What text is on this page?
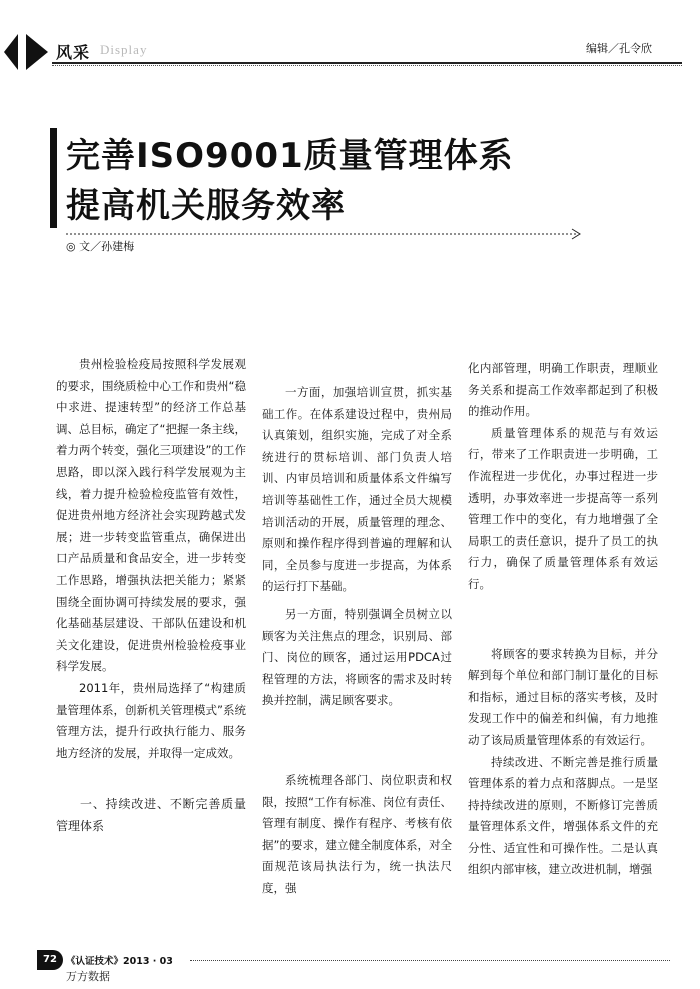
风采 Display	编辑／孔令欣
完善ISO9001质量管理体系
提高机关服务效率
◎ 文／孙建梅

贵州检验检疫局按照科学发展观的要求，围绕质检中心工作和贵州“稳中求进、提速转型”的经济工作总基调、总目标，确定了“把握一条主线，着力两个转变，强化三项建设”的工作思路，即以深入践行科学发展观为主线，着力提升检验检疫监管有效性，促进贵州地方经济社会实现跨越式发展；进一步转变监管重点，确保进出口产品质量和食品安全，进一步转变工作思路，增强执法把关能力；紧紧围绕全面协调可持续发展的要求，强化基础基层建设、干部队伍建设和机关文化建设，促进贵州检验检疫事业科学发展。

2011年，贵州局选择了“构建质量管理体系，创新机关管理模式”系统管理方法，提升行政执行能力、服务地方经济的发展，并取得一定成效。

一、持续改进、不断完善质量管理体系

一方面，加强培训宣贯，抓实基础工作。在体系建设过程中，贵州局认真策划，组织实施，完成了对全系统进行的贯标培训、部门负责人培训、内审员培训和质量体系文件编写培训等基础性工作，通过全员大规模培训活动的开展，质量管理的理念、原则和操作程序得到普遍的理解和认同，全员参与度进一步提高，为体系的运行打下基础。

另一方面，特别强调全员树立以顾客为关注焦点的理念，识别局、部门、岗位的顾客，通过运用PDCA过程管理的方法，将顾客的需求及时转换并控制，满足顾客要求。

系统梳理各部门、岗位职责和权限，按照“工作有标准、岗位有责任、管理有制度、操作有程序、考核有依据”的要求，建立健全制度体系，对全面规范该局执法行为，统一执法尺度，强

化内部管理，明确工作职责，理顺业务关系和提高工作效率都起到了积极的推动作用。

质量管理体系的规范与有效运行，带来了工作职责进一步明确，工作流程进一步优化，办事过程进一步透明，办事效率进一步提高等一系列管理工作中的变化，有力地增强了全局职工的责任意识，提升了员工的执行力，确保了质量管理体系有效运行。

将顾客的要求转换为目标，并分解到每个单位和部门制订量化的目标和指标，通过目标的落实考核，及时发现工作中的偏差和纠偏，有力地推动了该局质量管理体系的有效运行。

持续改进、不断完善是推行质量管理体系的着力点和落脚点。一是坚持持续改进的原则，不断修订完善质量管理体系文件，增强体系文件的充分性、适宜性和可操作性。二是认真组织内部审核，建立改进机制，增强

72 《认证技术》2013 · 03
万方数据
